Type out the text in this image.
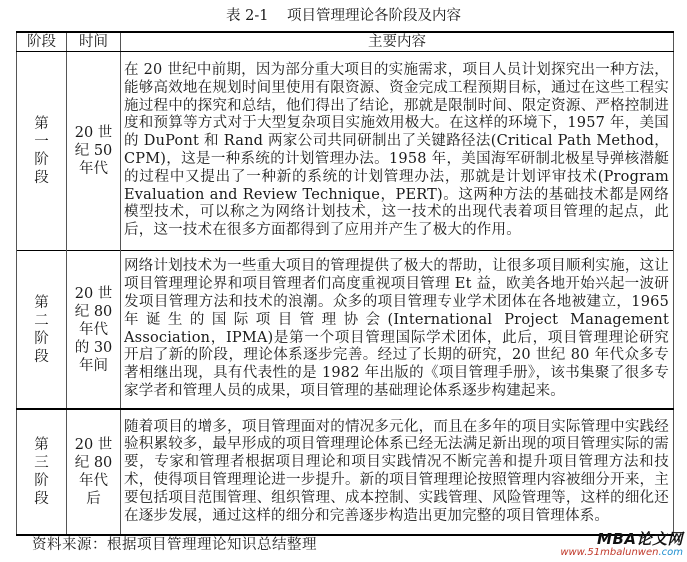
表 2-1    项目管理理论各阶段及内容
阶段	时间	主要内容

第一阶段	20 世纪 50 年代	在 20 世纪中前期，因为部分重大项目的实施需求，项目人员计划探究出一种方法，能够高效地在规划时间里使用有限资源、资金完成工程预期目标，通过在这些工程实施过程中的探究和总结，他们得出了结论，那就是限制时间、限定资源、严格控制进度和预算等方式对于大型复杂项目实施效用极大。在这样的环境下，1957 年，美国的 DuPont 和 Rand 两家公司共同研制出了关键路径法(Critical Path Method，CPM)，这是一种系统的计划管理办法。1958 年，美国海军研制北极星导弹核潜艇的过程中又提出了一种新的系统的计划管理办法，那就是计划评审技术(Program Evaluation and Review Technique，PERT)。这两种方法的基础技术都是网络模型技术，可以称之为网络计划技术，这一技术的出现代表着项目管理的起点，此后，这一技术在很多方面都得到了应用并产生了极大的作用。

第二阶段	20 世纪 80 年代的 30 年间	网络计划技术为一些重大项目的管理提供了极大的帮助，让很多项目顺利实施，这让项目管理理论界和项目管理者们高度重视项目管理 Et 益，欧美各地开始兴起一波研发项目管理方法和技术的浪潮。众多的项目管理专业学术团体在各地被建立，1965 年诞生的国际项目管理协会(International Project Management Association，IPMA)是第一个项目管理国际学术团体，此后，项目管理理论研究开启了新的阶段，理论体系逐步完善。经过了长期的研究，20 世纪 80 年代众多专著相继出现，具有代表性的是 1982 年出版的《项目管理手册》，该书集聚了很多专家学者和管理人员的成果，项目管理的基础理论体系逐步构建起来。

第三阶段	20 世纪 80 年代后	随着项目的增多，项目管理面对的情况多元化，而且在多年的项目实际管理中实践经验积累较多，最早形成的项目管理理论体系已经无法满足新出现的项目管理实际的需要，专家和管理者根据项目理论和项目实践情况不断完善和提升项目管理方法和技术，使得项目管理理论进一步提升。新的项目管理理论按照管理内容被细分开来，主要包括项目范围管理、组织管理、成本控制、实践管理、风险管理等，这样的细化还在逐步发展，通过这样的细分和完善逐步构造出更加完整的项目管理体系。
资料来源：根据项目管理理论知识总结整理	MBA论文网
www.51mbalunwen.com
